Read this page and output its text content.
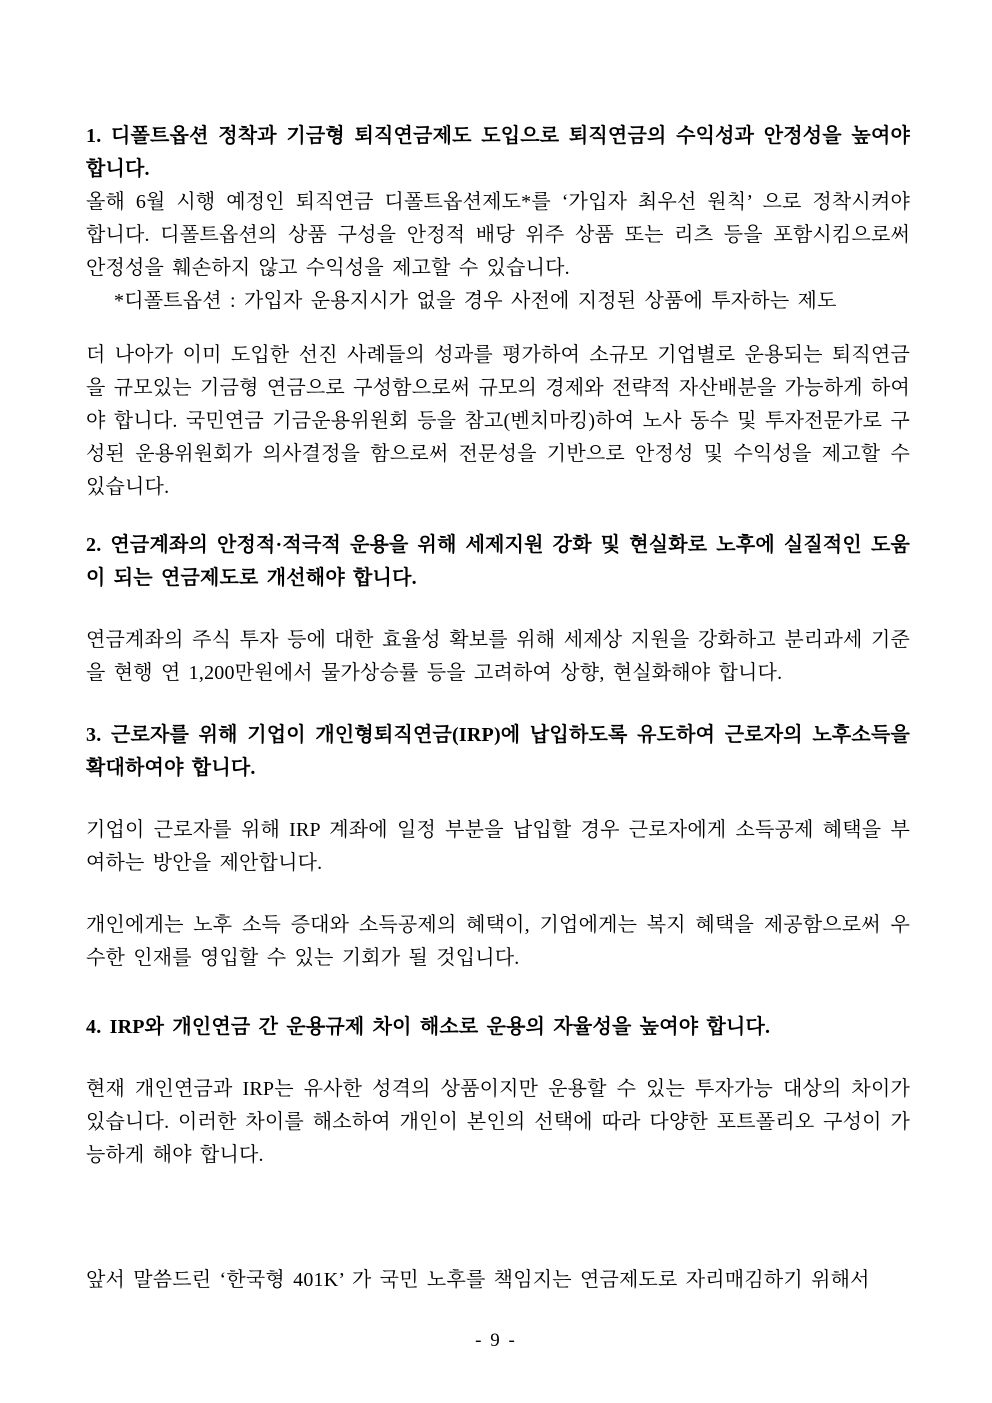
1. 디폴트옵션 정착과 기금형 퇴직연금제도 도입으로 퇴직연금의 수익성과 안정성을 높여야 합니다.
올해 6월 시행 예정인 퇴직연금 디폴트옵션제도*를 ‘가입자 최우선 원칙’ 으로 정착시켜야 합니다. 디폴트옵션의 상품 구성을 안정적 배당 위주 상품 또는 리츠 등을 포함시킴으로써 안정성을 훼손하지 않고 수익성을 제고할 수 있습니다.
*디폴트옵션 : 가입자 운용지시가 없을 경우 사전에 지정된 상품에 투자하는 제도
더 나아가 이미 도입한 선진 사례들의 성과를 평가하여 소규모 기업별로 운용되는 퇴직연금을 규모있는 기금형 연금으로 구성함으로써 규모의 경제와 전략적 자산배분을 가능하게 하여야 합니다. 국민연금 기금운용위원회 등을 참고(벤치마킹)하여 노사 동수 및 투자전문가로 구성된 운용위원회가 의사결정을 함으로써 전문성을 기반으로 안정성 및 수익성을 제고할 수 있습니다.
2. 연금계좌의 안정적·적극적 운용을 위해 세제지원 강화 및 현실화로 노후에 실질적인 도움이 되는 연금제도로 개선해야 합니다.
연금계좌의 주식 투자 등에 대한 효율성 확보를 위해 세제상 지원을 강화하고 분리과세 기준을 현행 연 1,200만원에서 물가상승률 등을 고려하여 상향, 현실화해야 합니다.
3. 근로자를 위해 기업이 개인형퇴직연금(IRP)에 납입하도록 유도하여 근로자의 노후소득을 확대하여야 합니다.
기업이 근로자를 위해 IRP 계좌에 일정 부분을 납입할 경우 근로자에게 소득공제 혜택을 부여하는 방안을 제안합니다.
개인에게는 노후 소득 증대와 소득공제의 혜택이, 기업에게는 복지 혜택을 제공함으로써 우수한 인재를 영입할 수 있는 기회가 될 것입니다.
4. IRP와 개인연금 간 운용규제 차이 해소로 운용의 자율성을 높여야 합니다.
현재 개인연금과 IRP는 유사한 성격의 상품이지만 운용할 수 있는 투자가능 대상의 차이가 있습니다. 이러한 차이를 해소하여 개인이 본인의 선택에 따라 다양한 포트폴리오 구성이 가능하게 해야 합니다.
앞서 말씀드린 ‘한국형 401K’ 가 국민 노후를 책임지는 연금제도로 자리매김하기 위해서
- 9 -
